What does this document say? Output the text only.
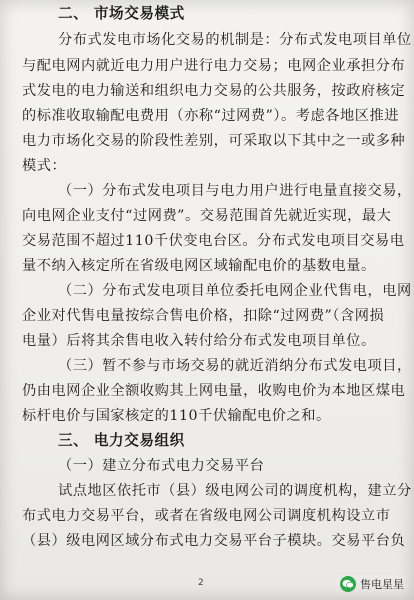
二、 市场交易模式
分布式发电市场化交易的机制是：分布式发电项目单位
与配电网内就近电力用户进行电力交易；电网企业承担分布
式发电的电力输送和组织电力交易的公共服务，按政府核定
的标准收取输配电费用（亦称“过网费”）。考虑各地区推进
电力市场化交易的阶段性差别，可采取以下其中之一或多种
模式：
（一）分布式发电项目与电力用户进行电量直接交易，
向电网企业支付“过网费”。交易范围首先就近实现，最大
交易范围不超过110千伏变电台区。分布式发电项目交易电
量不纳入核定所在省级电网区域输配电价的基数电量。
（二）分布式发电项目单位委托电网企业代售电，电网
企业对代售电量按综合售电价格，扣除“过网费”（含网损
电量）后将其余售电收入转付给分布式发电项目单位。
（三）暂不参与市场交易的就近消纳分布式发电项目，
仍由电网企业全额收购其上网电量，收购电价为本地区煤电
标杆电价与国家核定的110千伏输配电价之和。
三、 电力交易组织
（一）建立分布式电力交易平台
试点地区依托市（县）级电网公司的调度机构，建立分
布式电力交易平台，或者在省级电网公司调度机构设立市
（县）级电网区域分布式电力交易平台子模块。交易平台负
2	售电星星
